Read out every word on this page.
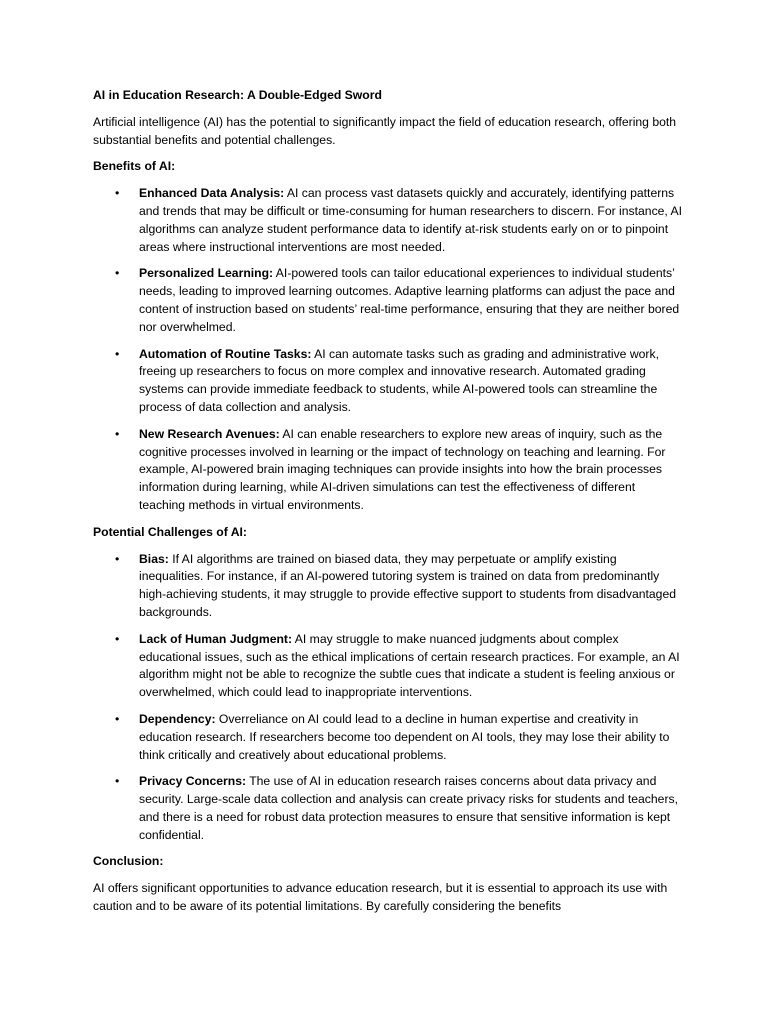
AI in Education Research: A Double-Edged Sword
Artificial intelligence (AI) has the potential to significantly impact the field of education research, offering both substantial benefits and potential challenges.
Benefits of AI:
• Enhanced Data Analysis: AI can process vast datasets quickly and accurately, identifying patterns and trends that may be difficult or time-consuming for human researchers to discern. For instance, AI algorithms can analyze student performance data to identify at-risk students early on or to pinpoint areas where instructional interventions are most needed.
• Personalized Learning: AI-powered tools can tailor educational experiences to individual students’ needs, leading to improved learning outcomes. Adaptive learning platforms can adjust the pace and content of instruction based on students’ real-time performance, ensuring that they are neither bored nor overwhelmed.
• Automation of Routine Tasks: AI can automate tasks such as grading and administrative work, freeing up researchers to focus on more complex and innovative research. Automated grading systems can provide immediate feedback to students, while AI-powered tools can streamline the process of data collection and analysis.
• New Research Avenues: AI can enable researchers to explore new areas of inquiry, such as the cognitive processes involved in learning or the impact of technology on teaching and learning. For example, AI-powered brain imaging techniques can provide insights into how the brain processes information during learning, while AI-driven simulations can test the effectiveness of different teaching methods in virtual environments.
Potential Challenges of AI:
• Bias: If AI algorithms are trained on biased data, they may perpetuate or amplify existing inequalities. For instance, if an AI-powered tutoring system is trained on data from predominantly high-achieving students, it may struggle to provide effective support to students from disadvantaged backgrounds.
• Lack of Human Judgment: AI may struggle to make nuanced judgments about complex educational issues, such as the ethical implications of certain research practices. For example, an AI algorithm might not be able to recognize the subtle cues that indicate a student is feeling anxious or overwhelmed, which could lead to inappropriate interventions.
• Dependency: Overreliance on AI could lead to a decline in human expertise and creativity in education research. If researchers become too dependent on AI tools, they may lose their ability to think critically and creatively about educational problems.
• Privacy Concerns: The use of AI in education research raises concerns about data privacy and security. Large-scale data collection and analysis can create privacy risks for students and teachers, and there is a need for robust data protection measures to ensure that sensitive information is kept confidential.
Conclusion:
AI offers significant opportunities to advance education research, but it is essential to approach its use with caution and to be aware of its potential limitations. By carefully considering the benefits
